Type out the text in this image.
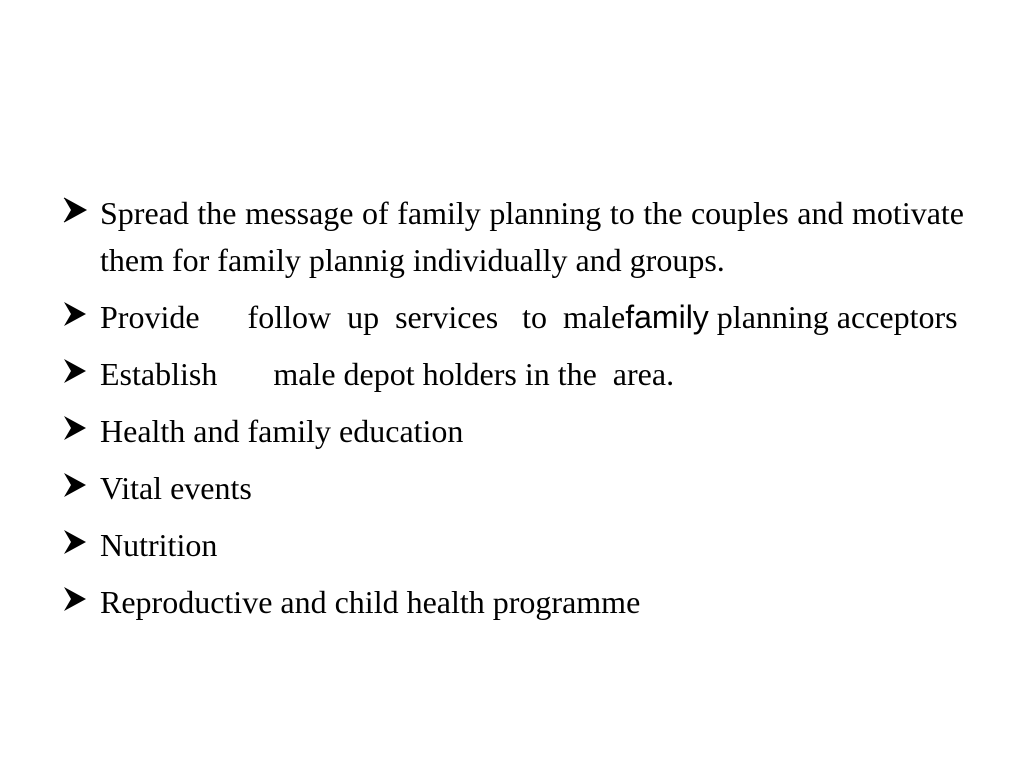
Spread the message of family planning to the couples and motivate them for family plannig individually and groups.
Provide      follow  up  services   to  malefamily planning acceptors
Establish       male depot holders in the  area.
Health and family education
Vital events
Nutrition
Reproductive and child health programme
